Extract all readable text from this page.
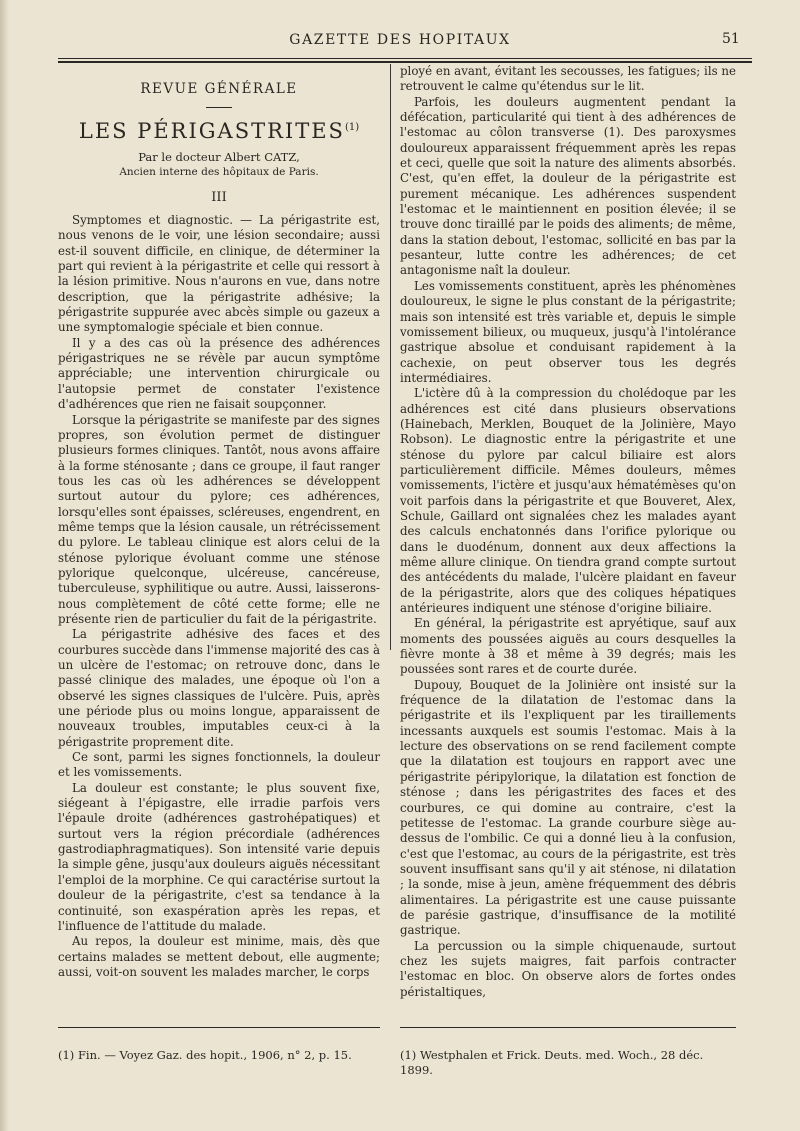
GAZETTE DES HOPITAUX	51
REVUE GÉNÉRALE
LES PÉRIGASTRITES$^{(1)}$
Par le docteur Albert CATZ,
Ancien interne des hôpitaux de Paris.
III

Symptomes et diagnostic. — La périgastrite est, nous venons de le voir, une lésion secondaire; aussi est-il souvent difficile, en clinique, de déterminer la part qui revient à la périgastrite et celle qui ressort à la lésion primitive. Nous n'aurons en vue, dans notre description, que la périgastrite adhésive; la périgastrite suppurée avec abcès simple ou gazeux a une symptomalogie spéciale et bien connue.

Il y a des cas où la présence des adhérences périgastriques ne se révèle par aucun symptôme appréciable; une intervention chirurgicale ou l'autopsie permet de constater l'existence d'adhérences que rien ne faisait soupçonner.

Lorsque la périgastrite se manifeste par des signes propres, son évolution permet de distinguer plusieurs formes cliniques. Tantôt, nous avons affaire à la forme sténosante ; dans ce groupe, il faut ranger tous les cas où les adhérences se développent surtout autour du pylore; ces adhérences, lorsqu'elles sont épaisses, scléreuses, engendrent, en même temps que la lésion causale, un rétrécissement du pylore. Le tableau clinique est alors celui de la sténose pylorique évoluant comme une sténose pylorique quelconque, ulcéreuse, cancéreuse, tuberculeuse, syphilitique ou autre. Aussi, laisserons-nous complètement de côté cette forme; elle ne présente rien de particulier du fait de la périgastrite.

La périgastrite adhésive des faces et des courbures succède dans l'immense majorité des cas à un ulcère de l'estomac; on retrouve donc, dans le passé clinique des malades, une époque où l'on a observé les signes classiques de l'ulcère. Puis, après une période plus ou moins longue, apparaissent de nouveaux troubles, imputables ceux-ci à la périgastrite proprement dite.

Ce sont, parmi les signes fonctionnels, la douleur et les vomissements.

La douleur est constante; le plus souvent fixe, siégeant à l'épigastre, elle irradie parfois vers l'épaule droite (adhérences gastrohépatiques) et surtout vers la région précordiale (adhérences gastrodiaphragmatiques). Son intensité varie depuis la simple gêne, jusqu'aux douleurs aiguës nécessitant l'emploi de la morphine. Ce qui caractérise surtout la douleur de la périgastrite, c'est sa tendance à la continuité, son exaspération après les repas, et l'influence de l'attitude du malade.

Au repos, la douleur est minime, mais, dès que certains malades se mettent debout, elle augmente; aussi, voit-on souvent les malades marcher, le corps

ployé en avant, évitant les secousses, les fatigues; ils ne retrouvent le calme qu'étendus sur le lit.

Parfois, les douleurs augmentent pendant la défécation, particularité qui tient à des adhérences de l'estomac au côlon transverse (1). Des paroxysmes douloureux apparaissent fréquemment après les repas et ceci, quelle que soit la nature des aliments absorbés. C'est, qu'en effet, la douleur de la périgastrite est purement mécanique. Les adhérences suspendent l'estomac et le maintiennent en position élevée; il se trouve donc tiraillé par le poids des aliments; de même, dans la station debout, l'estomac, sollicité en bas par la pesanteur, lutte contre les adhérences; de cet antagonisme naît la douleur.

Les vomissements constituent, après les phénomènes douloureux, le signe le plus constant de la périgastrite; mais son intensité est très variable et, depuis le simple vomissement bilieux, ou muqueux, jusqu'à l'intolérance gastrique absolue et conduisant rapidement à la cachexie, on peut observer tous les degrés intermédiaires.

L'ictère dû à la compression du cholédoque par les adhérences est cité dans plusieurs observations (Hainebach, Merklen, Bouquet de la Jolinière, Mayo Robson). Le diagnostic entre la périgastrite et une sténose du pylore par calcul biliaire est alors particulièrement difficile. Mêmes douleurs, mêmes vomissements, l'ictère et jusqu'aux hématémèses qu'on voit parfois dans la périgastrite et que Bouveret, Alex, Schule, Gaillard ont signalées chez les malades ayant des calculs enchatonnés dans l'orifice pylorique ou dans le duodénum, donnent aux deux affections la même allure clinique. On tiendra grand compte surtout des antécédents du malade, l'ulcère plaidant en faveur de la périgastrite, alors que des coliques hépatiques antérieures indiquent une sténose d'origine biliaire.

En général, la périgastrite est apryétique, sauf aux moments des poussées aiguës au cours desquelles la fièvre monte à 38 et même à 39 degrés; mais les poussées sont rares et de courte durée.

Dupouy, Bouquet de la Jolinière ont insisté sur la fréquence de la dilatation de l'estomac dans la périgastrite et ils l'expliquent par les tiraillements incessants auxquels est soumis l'estomac. Mais à la lecture des observations on se rend facilement compte que la dilatation est toujours en rapport avec une périgastrite péripylorique, la dilatation est fonction de sténose ; dans les périgastrites des faces et des courbures, ce qui domine au contraire, c'est la petitesse de l'estomac. La grande courbure siège au-dessus de l'ombilic. Ce qui a donné lieu à la confusion, c'est que l'estomac, au cours de la périgastrite, est très souvent insuffisant sans qu'il y ait sténose, ni dilatation ; la sonde, mise à jeun, amène fréquemment des débris alimentaires. La périgastrite est une cause puissante de parésie gastrique, d'insuffisance de la motilité gastrique.

La percussion ou la simple chiquenaude, surtout chez les sujets maigres, fait parfois contracter l'estomac en bloc. On observe alors de fortes ondes péristaltiques,

(1) Fin. — Voyez Gaz. des hopit., 1906, n° 2, p. 15.	(1) Westphalen et Frick. Deuts. med. Woch., 28 déc. 1899.
